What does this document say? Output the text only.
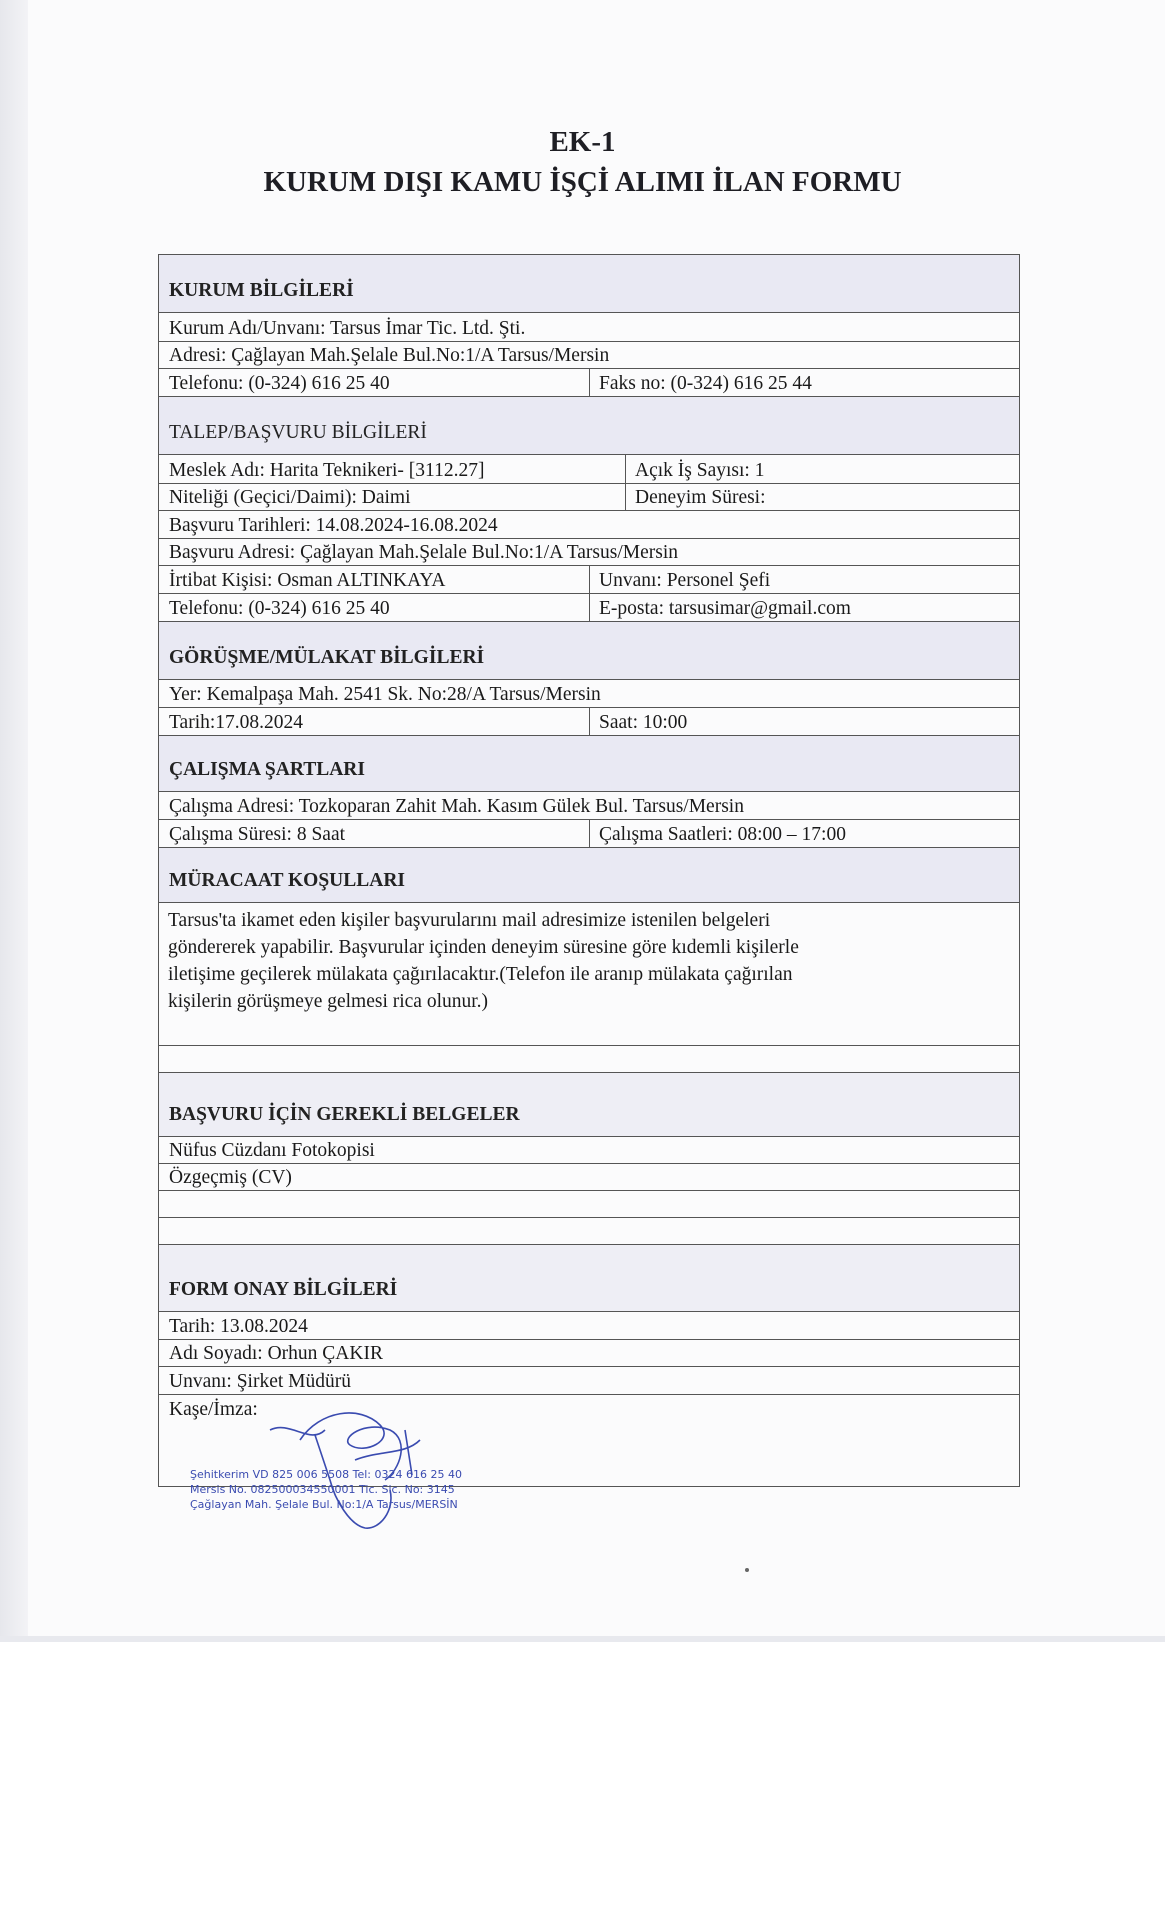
EK-1
KURUM DIŞI KAMU İŞÇİ ALIMI İLAN FORMU
KURUM BİLGİLERİ
Kurum Adı/Unvanı: Tarsus İmar Tic. Ltd. Şti.
Adresi: Çağlayan Mah.Şelale Bul.No:1/A Tarsus/Mersin
Telefonu: (0-324) 616 25 40	Faks no: (0-324) 616 25 44
TALEP/BAŞVURU BİLGİLERİ
Meslek Adı: Harita Teknikeri- [3112.27]	Açık İş Sayısı: 1
Niteliği (Geçici/Daimi): Daimi	Deneyim Süresi:
Başvuru Tarihleri: 14.08.2024-16.08.2024
Başvuru Adresi: Çağlayan Mah.Şelale Bul.No:1/A Tarsus/Mersin
İrtibat Kişisi: Osman ALTINKAYA	Unvanı: Personel Şefi
Telefonu: (0-324) 616 25 40	E-posta: tarsusimar@gmail.com
GÖRÜŞME/MÜLAKAT BİLGİLERİ
Yer: Kemalpaşa Mah. 2541 Sk. No:28/A Tarsus/Mersin
Tarih:17.08.2024	Saat: 10:00
ÇALIŞMA ŞARTLARI
Çalışma Adresi: Tozkoparan Zahit Mah. Kasım Gülek Bul. Tarsus/Mersin
Çalışma Süresi: 8 Saat	Çalışma Saatleri: 08:00 – 17:00
MÜRACAAT KOŞULLARI
BAŞVURU İÇİN GEREKLİ BELGELER
Nüfus Cüzdanı Fotokopisi
Özgeçmiş (CV)
FORM ONAY BİLGİLERİ
Tarih: 13.08.2024
Adı Soyadı: Orhun ÇAKIR
Unvanı: Şirket Müdürü
Kaşe/İmza:
Tarsus'ta ikamet eden kişiler başvurularını mail adresimize istenilen belgeleri
göndererek yapabilir. Başvurular içinden deneyim süresine göre kıdemli kişilerle
iletişime geçilerek mülakata çağırılacaktır.(Telefon ile aranıp mülakata çağırılan
kişilerin görüşmeye gelmesi rica olunur.)
Şehitkerim VD 825 006 5508 Tel: 0324 616 25 40
Mersis No. 082500034550001 Tic. Sic. No: 3145
Çağlayan Mah. Şelale Bul. No:1/A Tarsus/MERSİN
